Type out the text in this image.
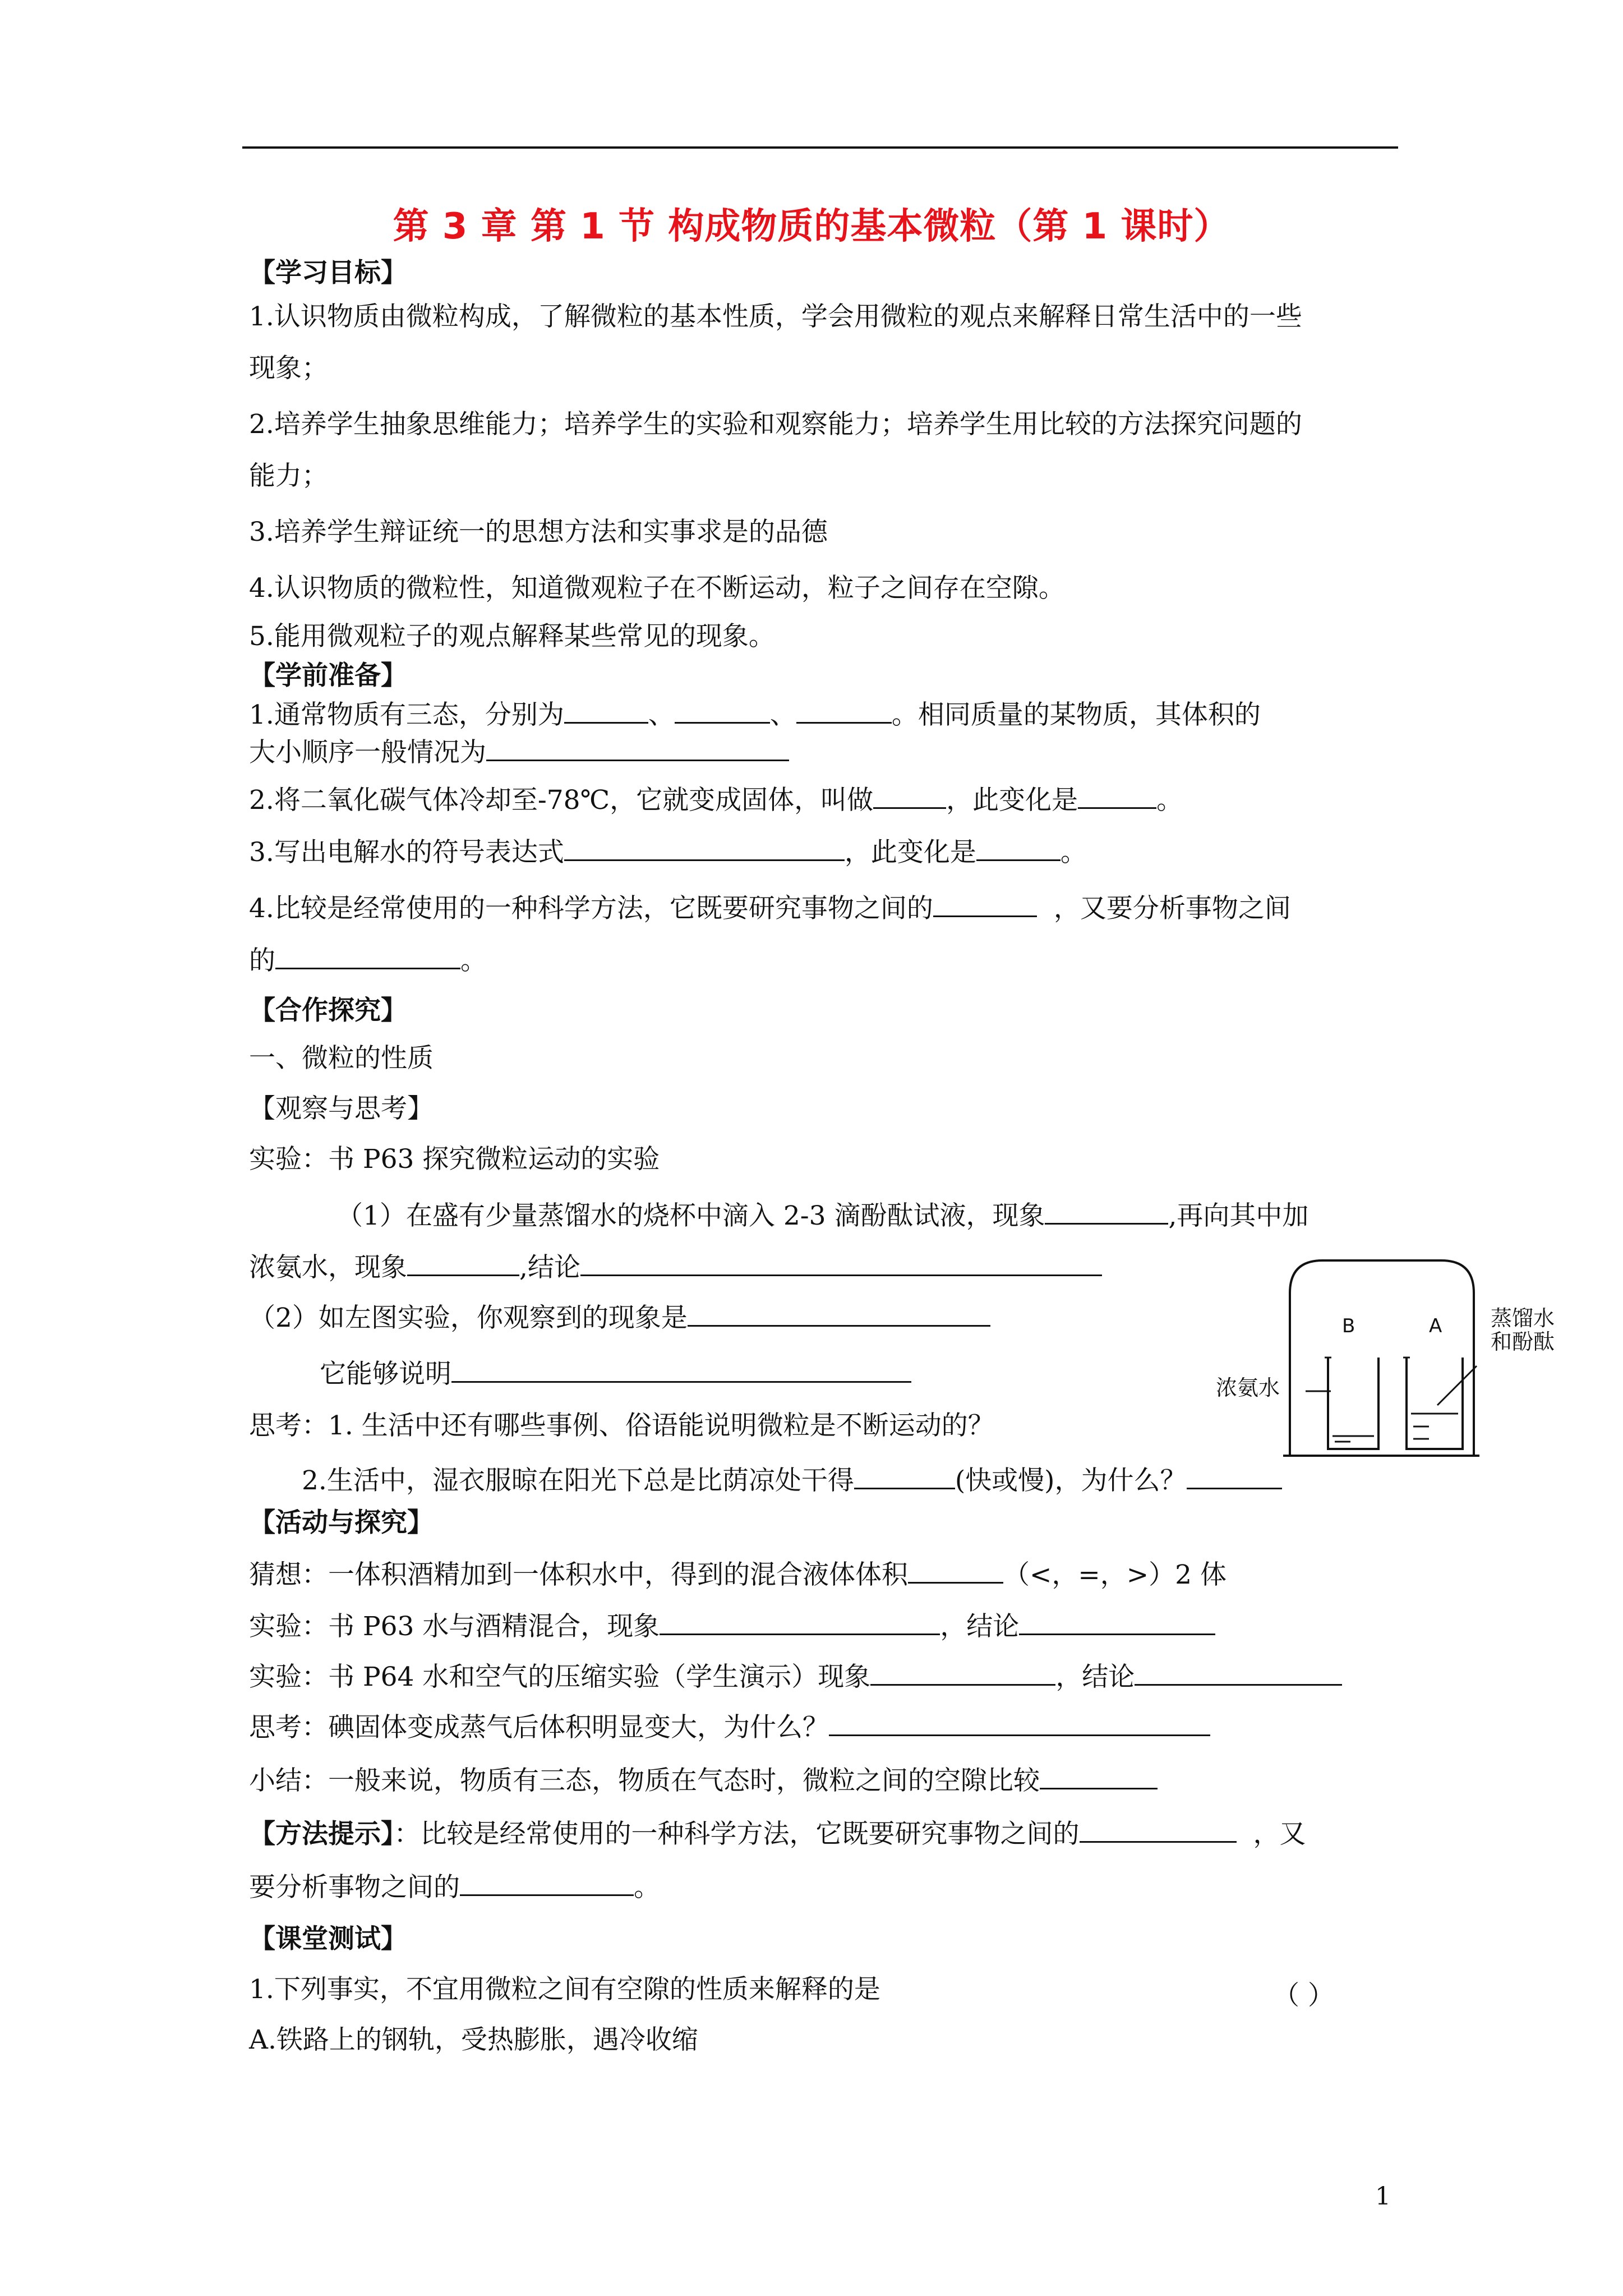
第 3 章 第 1 节 构成物质的基本微粒（第 1 课时）
【学习目标】
1.认识物质由微粒构成，了解微粒的基本性质，学会用微粒的观点来解释日常生活中的一些
现象；
2.培养学生抽象思维能力；培养学生的实验和观察能力；培养学生用比较的方法探究问题的
能力；
3.培养学生辩证统一的思想方法和实事求是的品德
4.认识物质的微粒性，知道微观粒子在不断运动，粒子之间存在空隙。
5.能用微观粒子的观点解释某些常见的现象。
【学前准备】
1.通常物质有三态，分别为	、	、	。相同质量的某物质，其体积的
大小顺序一般情况为
2.将二氧化碳气体冷却至-78℃，它就变成固体，叫做	，此变化是	。
3.写出电解水的符号表达式	，此变化是	。
4.比较是经常使用的一种科学方法，它既要研究事物之间的	，又要分析事物之间
的	。
【合作探究】
一、微粒的性质
【观察与思考】
实验：书 P63 探究微粒运动的实验
（1）在盛有少量蒸馏水的烧杯中滴入 2-3 滴酚酞试液，现象	,再向其中加
浓氨水，现象	,结论
（2）如左图实验，你观察到的现象是
它能够说明
思考：1. 生活中还有哪些事例、俗语能说明微粒是不断运动的？
2.生活中，湿衣服晾在阳光下总是比荫凉处干得	(快或慢)，为什么？
B	A
浓氨水
蒸馏水
和酚酞
【活动与探究】
猜想：一体积酒精加到一体积水中，得到的混合液体体积	（<，=，>）2 体
实验：书 P63 水与酒精混合，现象	，结论
实验：书 P64 水和空气的压缩实验（学生演示）现象	，结论
思考：碘固体变成蒸气后体积明显变大，为什么？
小结：一般来说，物质有三态，物质在气态时，微粒之间的空隙比较
【方法提示】：比较是经常使用的一种科学方法，它既要研究事物之间的	，又
要分析事物之间的	。
【课堂测试】
1.下列事实，不宜用微粒之间有空隙的性质来解释的是	（ ）
A.铁路上的钢轨，受热膨胀，遇冷收缩
1
